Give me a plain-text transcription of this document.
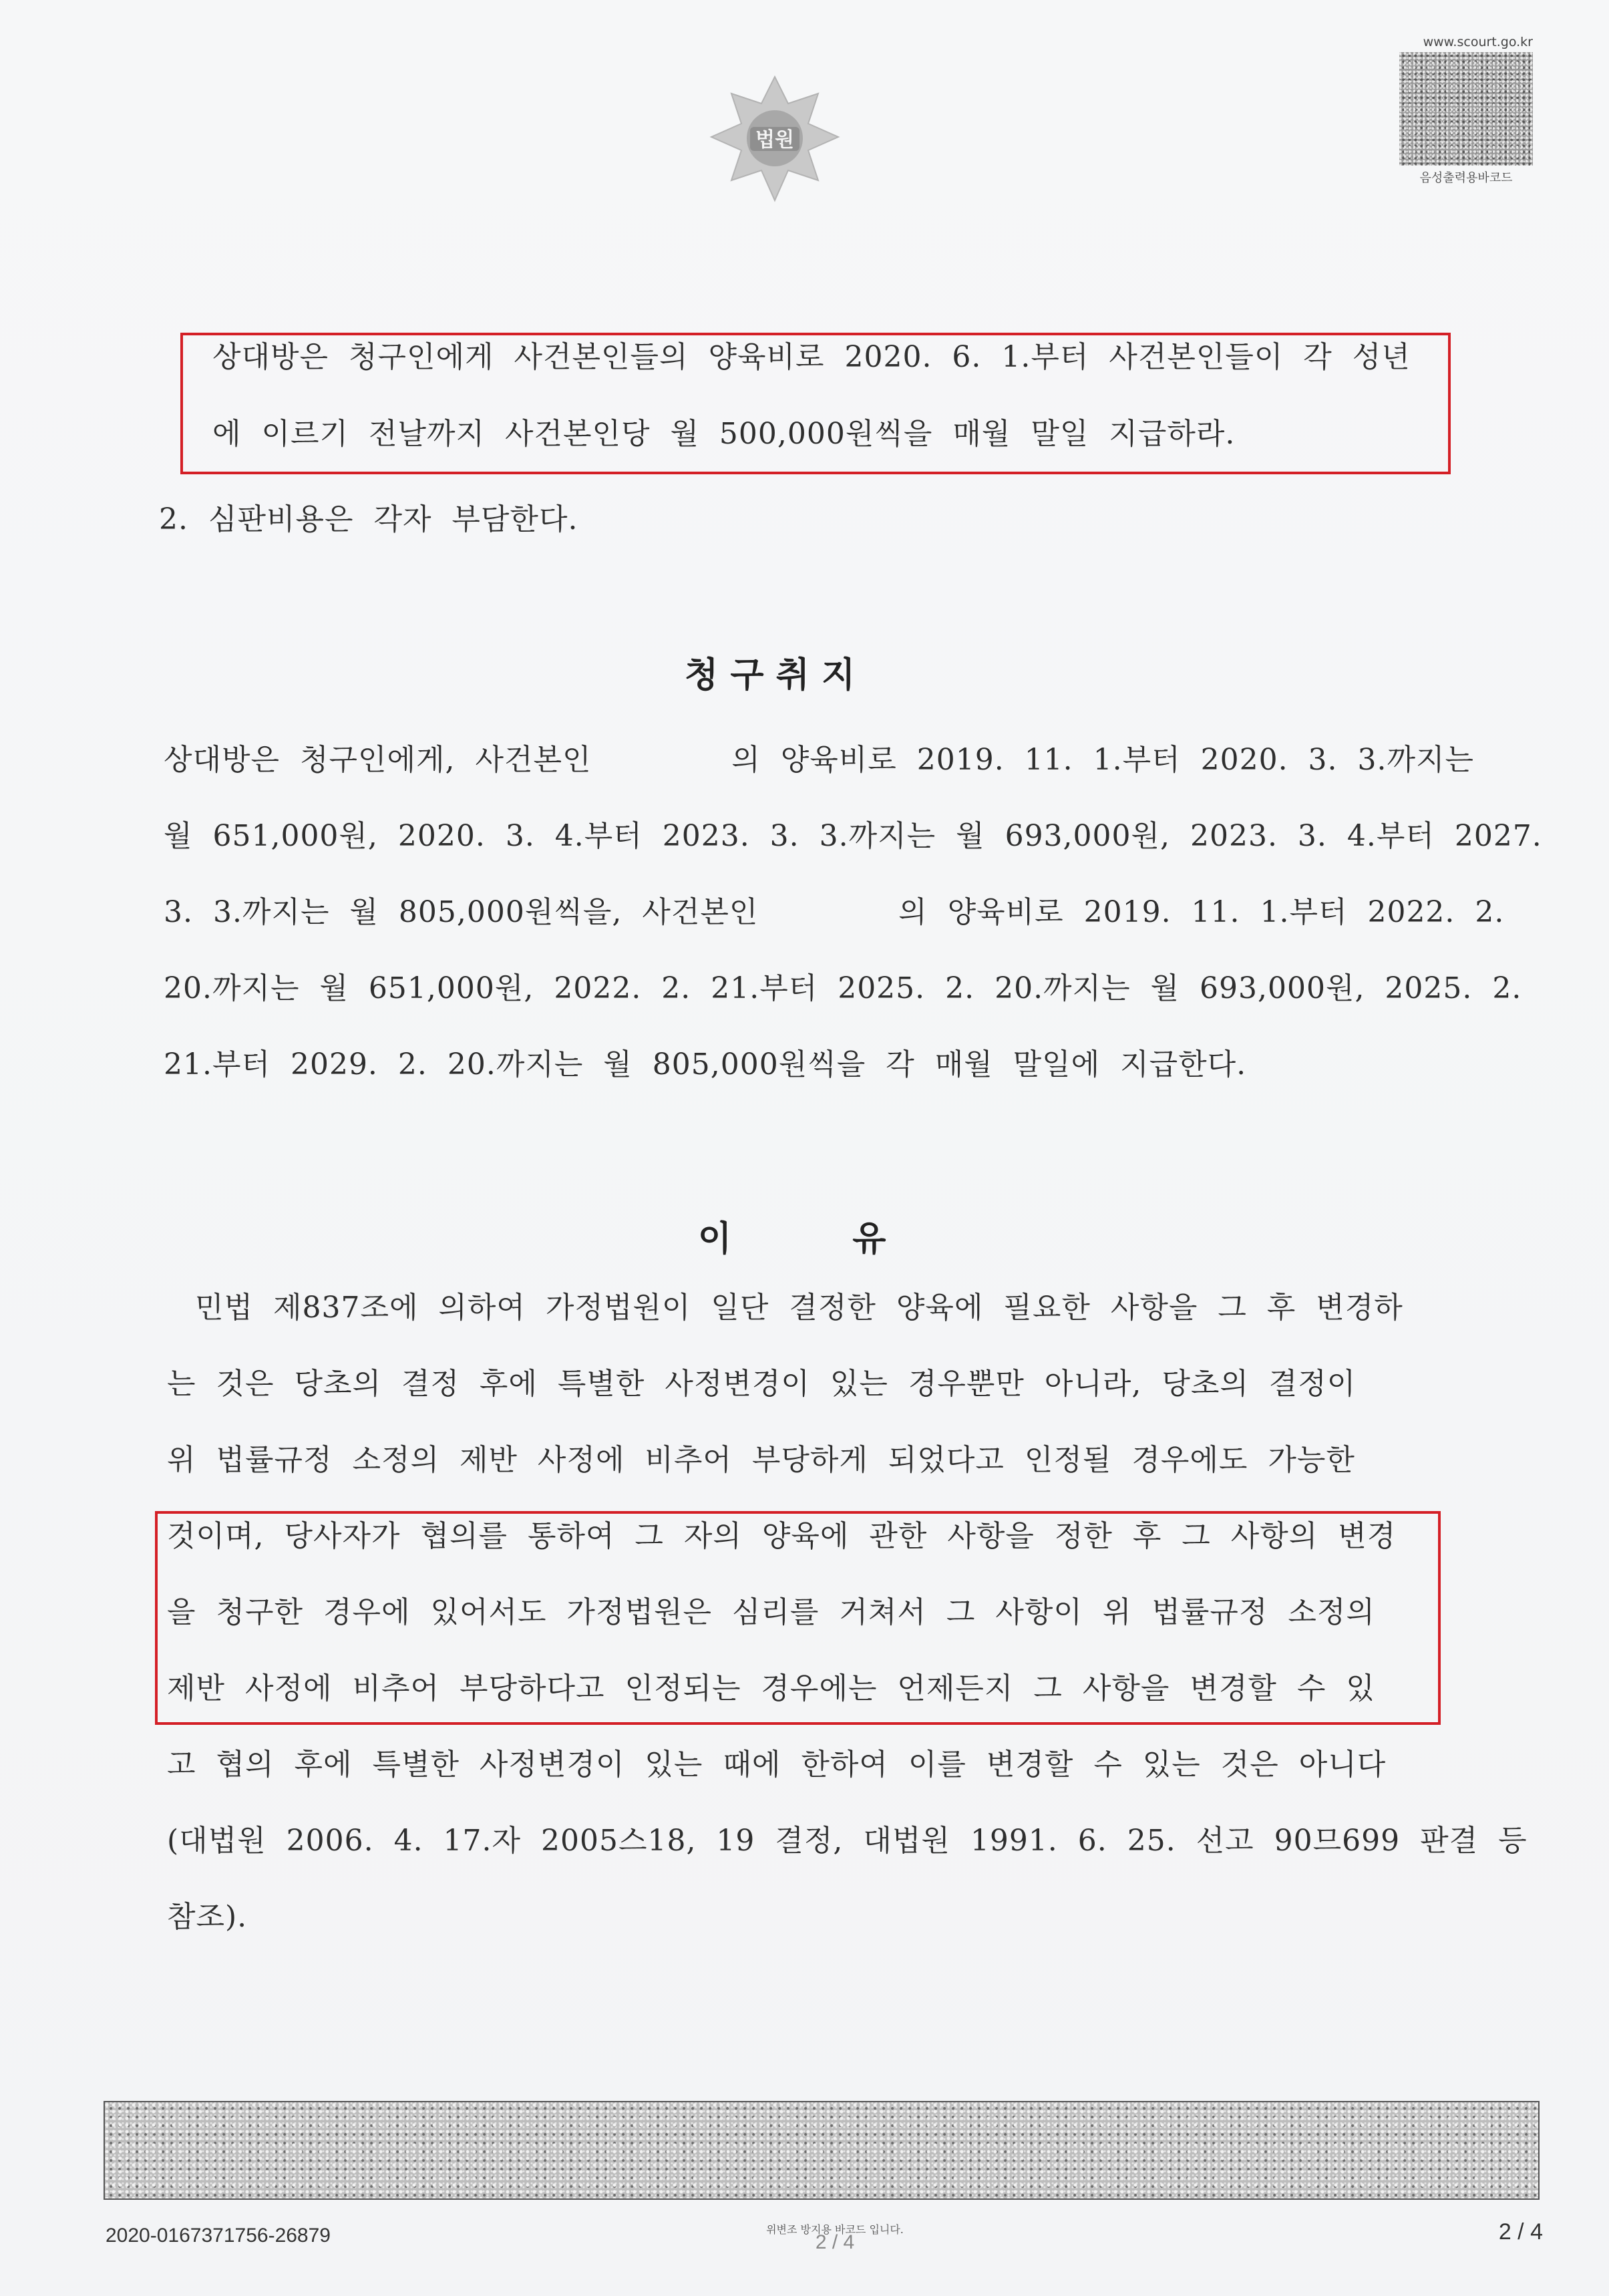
법원
www.scourt.go.kr
음성출력용바코드
상대방은  청구인에게  사건본인들의  양육비로  2020.  6.  1.부터  사건본인들이  각  성년
에  이르기  전날까지  사건본인당  월  500,000원씩을  매월  말일  지급하라.
2.  심판비용은  각자  부담한다.
청 구 취 지
상대방은  청구인에게,  사건본인              의  양육비로  2019.  11.  1.부터  2020.  3.  3.까지는
월  651,000원,  2020.  3.  4.부터  2023.  3.  3.까지는  월  693,000원,  2023.  3.  4.부터  2027.
3.  3.까지는  월  805,000원씩을,  사건본인              의  양육비로  2019.  11.  1.부터  2022.  2.
20.까지는  월  651,000원,  2022.  2.  21.부터  2025.  2.  20.까지는  월  693,000원,  2025.  2.
21.부터  2029.  2.  20.까지는  월  805,000원씩을  각  매월  말일에  지급한다.
이          유
민법  제837조에  의하여  가정법원이  일단  결정한  양육에  필요한  사항을  그  후  변경하
는  것은  당초의  결정  후에  특별한  사정변경이  있는  경우뿐만  아니라,  당초의  결정이
위  법률규정  소정의  제반  사정에  비추어  부당하게  되었다고  인정될  경우에도  가능한
것이며,  당사자가  협의를  통하여  그  자의  양육에  관한  사항을  정한  후  그  사항의  변경
을  청구한  경우에  있어서도  가정법원은  심리를  거쳐서  그  사항이  위  법률규정  소정의
제반  사정에  비추어  부당하다고  인정되는  경우에는  언제든지  그  사항을  변경할  수  있
고  협의  후에  특별한  사정변경이  있는  때에  한하여  이를  변경할  수  있는  것은  아니다
(대법원  2006.  4.  17.자  2005스18,  19  결정,  대법원  1991.  6.  25.  선고  90므699  판결  등
참조).
2020-0167371756-26879	위변조 방지용 바코드 입니다.
2 / 4	2 / 4
